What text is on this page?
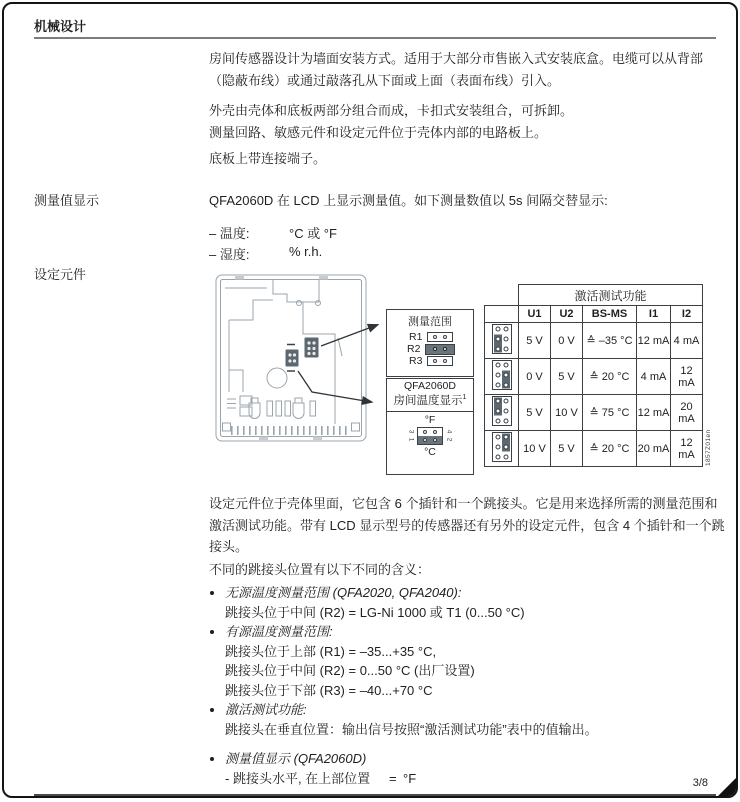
机械设计

房间传感器设计为墙面安装方式。适用于大部分市售嵌入式安装底盒。电缆可以从背部（隐蔽布线）或通过敲落孔从下面或上面（表面布线）引入。

外壳由壳体和底板两部分组合而成，卡扣式安装组合，可拆卸。

测量回路、敏感元件和设定元件位于壳体内部的电路板上。

底板上带连接端子。

测量值显示	QFA2060D 在 LCD 上显示测量值。如下测量数值以 5s 间隔交替显示:
– 温度:	°C 或 °F
– 湿度:	% r.h.
设定元件
测量范围
R1
R2
R3
QFA2060D
房间温度显示$^1$
°F
3
1
4
2
°C
	激活测试功能				
	U1	U2	BS-MS	I1	I2
	5 V	0 V	≙ –35 °C	12 mA	4 mA
	0 V	5 V	≙ 20 °C	4 mA	12 mA
	5 V	10 V	≙ 75 °C	12 mA	20 mA
	10 V	5 V	≙ 20 °C	20 mA	12 mA 1857Z01en

设定元件位于壳体里面，它包含 6 个插针和一个跳接头。它是用来选择所需的测量范围和激活测试功能。带有 LCD 显示型号的传感器还有另外的设定元件，包含 4 个插针和一个跳接头。

不同的跳接头位置有以下不同的含义：

• 无源温度测量范围 (QFA2020, QFA2040):
跳接头位于中间 (R2) = LG-Ni 1000 或 T1 (0...50 °C)
• 有源温度测量范围:
跳接头位于上部 (R1) = –35...+35 °C,
跳接头位于中间 (R2) = 0...50 °C (出厂设置)
跳接头位于下部 (R3) = –40...+70 °C
• 激活测试功能:
跳接头在垂直位置：输出信号按照“激活测试功能”表中的值输出。
• 测量值显示 (QFA2060D)
- 跳接头水平, 在上部位置 = °F	3/8
